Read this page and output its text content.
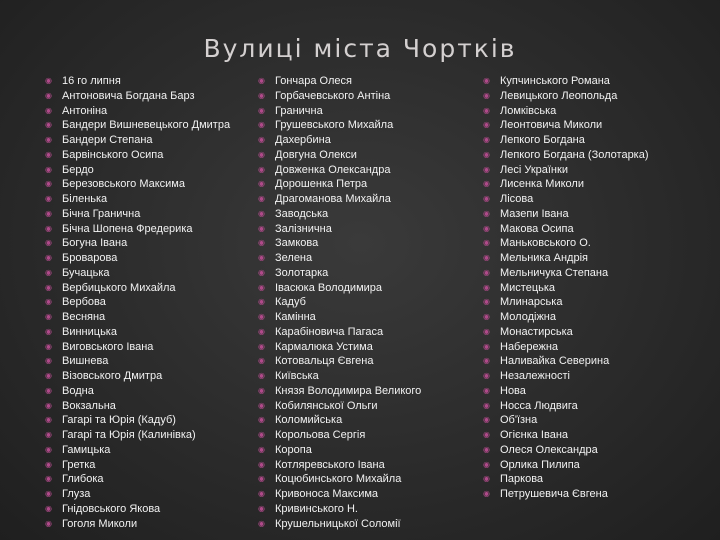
Вулиці міста Чортків
◉ 16 го липня
◉ Антоновича Богдана Барз
◉ Антоніна
◉ Бандери Вишневецького Дмитра
◉ Бандери Степана
◉ Барвінського Осипа
◉ Бердо
◉ Березовського Максима
◉ Біленька
◉ Бічна Гранична
◉ Бічна Шопена Фредерика
◉ Богуна Івана
◉ Броварова
◉ Бучацька
◉ Вербицького Михайла
◉ Вербова
◉ Весняна
◉ Винницька
◉ Виговського Івана
◉ Вишнева
◉ Візовського Дмитра
◉ Водна
◉ Вокзальна
◉ Гагарі та Юрія (Кадуб)
◉ Гагарі та Юрія (Калинівка)
◉ Гамицька
◉ Гретка
◉ Глибока
◉ Глуза
◉ Гнідовського Якова
◉ Гоголя Миколи
◉ Гончара Олеся
◉ Горбачевського Антіна
◉ Гранична
◉ Грушевського Михайла
◉ Дахербина
◉ Довгуна Олекси
◉ Довженка Олександра
◉ Дорошенка Петра
◉ Драгоманова Михайла
◉ Заводська
◉ Залізнична
◉ Замкова
◉ Зелена
◉ Золотарка
◉ Івасюка Володимира
◉ Кадуб
◉ Камінна
◉ Карабіновича Пагаса
◉ Кармалюка Устима
◉ Котовальця Євгена
◉ Київська
◉ Князя Володимира Великого
◉ Кобилянської Ольги
◉ Коломийська
◉ Корольова Сергія
◉ Коропа
◉ Котляревського Івана
◉ Коцюбинського Михайла
◉ Кривоноса Максима
◉ Кривинського Н.
◉ Крушельницької Соломії
◉ Купчинського Романа
◉ Левицького Леопольда
◉ Ломківська
◉ Леонтовича Миколи
◉ Лепкого Богдана
◉ Лепкого Богдана (Золотарка)
◉ Лесі Українки
◉ Лисенка Миколи
◉ Лісова
◉ Мазепи Івана
◉ Макова Осипа
◉ Маньковського О.
◉ Мельника Андрія
◉ Мельничука Степана
◉ Мистецька
◉ Млинарська
◉ Молодіжна
◉ Монастирська
◉ Набережна
◉ Наливайка Северина
◉ Незалежності
◉ Нова
◉ Носса Людвига
◉ Об'їзна
◉ Огієнка Івана
◉ Олеся Олександра
◉ Орлика Пилипа
◉ Паркова
◉ Петрушевича Євгена
